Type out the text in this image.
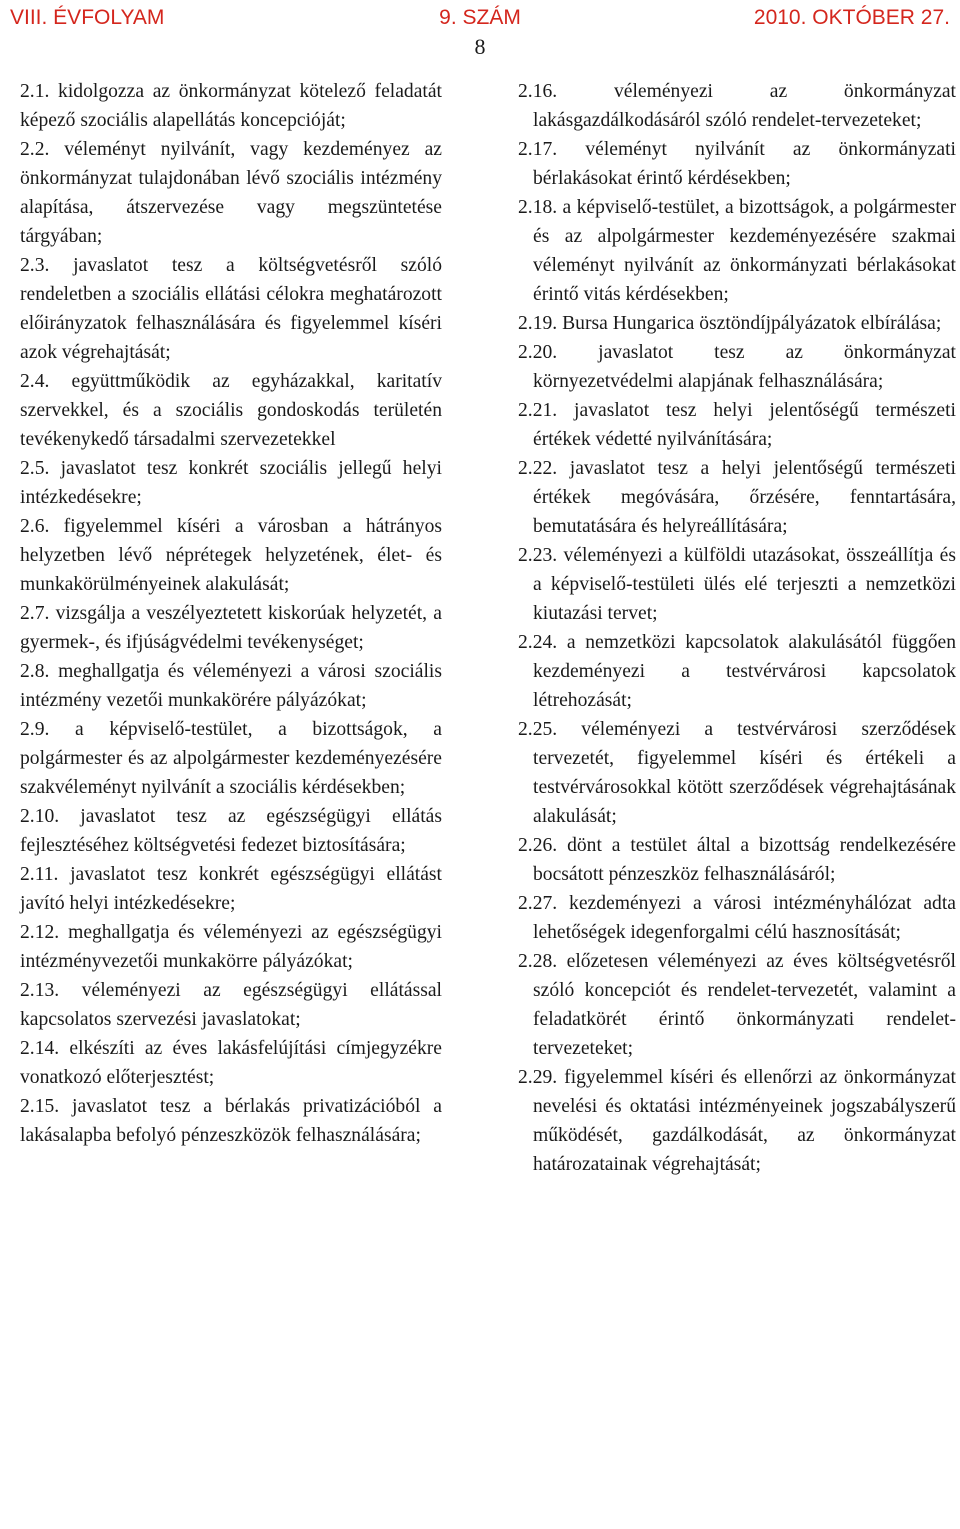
VIII. ÉVFOLYAM	9. SZÁM	2010. OKTÓBER 27.
8

2.1. kidolgozza az önkormányzat kötelező feladatát képező szociális alapellátás koncepcióját;

2.2. véleményt nyilvánít, vagy kezdeményez az önkormányzat tulajdonában lévő szociális intézmény alapítása, átszervezése vagy megszüntetése tárgyában;

2.3. javaslatot tesz a költségvetésről szóló rendeletben a szociális ellátási célokra meghatározott előirányzatok felhasználására és figyelemmel kíséri azok végrehajtását;

2.4. együttműködik az egyházakkal, karitatív szervekkel, és a szociális gondoskodás területén tevékenykedő társadalmi szervezetekkel

2.5. javaslatot tesz konkrét szociális jellegű helyi intézkedésekre;

2.6. figyelemmel kíséri a városban a hátrányos helyzetben lévő néprétegek helyzetének, élet- és munkakörülményeinek alakulását;

2.7. vizsgálja a veszélyeztetett kiskorúak helyzetét, a gyermek-, és ifjúságvédelmi tevékenységet;

2.8. meghallgatja és véleményezi a városi szociális intézmény vezetői munkakörére pályázókat;

2.9. a képviselő-testület, a bizottságok, a polgármester és az alpolgármester kezdeményezésére szakvéleményt nyilvánít a szociális kérdésekben;

2.10. javaslatot tesz az egészségügyi ellátás fejlesztéséhez költségvetési fedezet biztosítására;

2.11. javaslatot tesz konkrét egészségügyi ellátást javító helyi intézkedésekre;

2.12. meghallgatja és véleményezi az egészségügyi intézményvezetői munkakörre pályázókat;

2.13. véleményezi az egészségügyi ellátással kapcsolatos szervezési javaslatokat;

2.14. elkészíti az éves lakásfelújítási címjegyzékre vonatkozó előterjesztést;

2.15. javaslatot tesz a bérlakás privatizációból a lakásalapba befolyó pénzeszközök felhasználására;

2.16. véleményezi az önkormányzat lakásgazdálkodásáról szóló rendelet-tervezeteket;

2.17. véleményt nyilvánít az önkormányzati bérlakásokat érintő kérdésekben;

2.18. a képviselő-testület, a bizottságok, a polgármester és az alpolgármester kezdeményezésére szakmai véleményt nyilvánít az önkormányzati bérlakásokat érintő vitás kérdésekben;

2.19. Bursa Hungarica ösztöndíjpályázatok elbírálása;

2.20. javaslatot tesz az önkormányzat környezetvédelmi alapjának felhasználására;

2.21. javaslatot tesz helyi jelentőségű természeti értékek védetté nyilvánítására;

2.22. javaslatot tesz a helyi jelentőségű természeti értékek megóvására, őrzésére, fenntartására, bemutatására és helyreállítására;

2.23. véleményezi a külföldi utazásokat, összeállítja és a képviselő-testületi ülés elé terjeszti a nemzetközi kiutazási tervet;

2.24. a nemzetközi kapcsolatok alakulásától függően kezdeményezi a testvérvárosi kapcsolatok létrehozását;

2.25. véleményezi a testvérvárosi szerződések tervezetét, figyelemmel kíséri és értékeli a testvérvárosokkal kötött szerződések végrehajtásának alakulását;

2.26. dönt a testület által a bizottság rendelkezésére bocsátott pénzeszköz felhasználásáról;

2.27. kezdeményezi a városi intézményhálózat adta lehetőségek idegenforgalmi célú hasznosítását;

2.28. előzetesen véleményezi az éves költségvetésről szóló koncepciót és rendelet-tervezetét, valamint a feladatkörét érintő önkormányzati rendelet-tervezeteket;

2.29. figyelemmel kíséri és ellenőrzi az önkormányzat nevelési és oktatási intézményeinek jogszabályszerű működését, gazdálkodását, az önkormányzat határozatainak végrehajtását;
